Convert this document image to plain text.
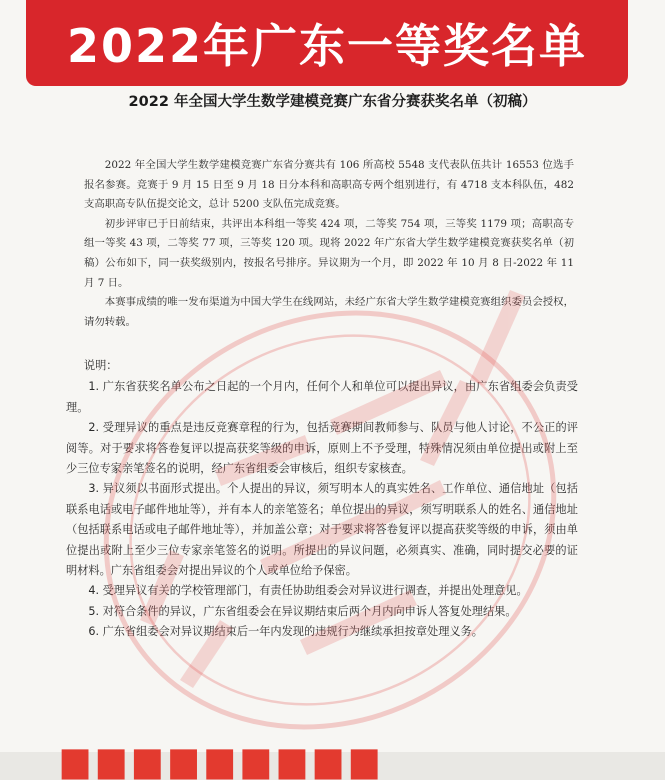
2022年广东一等奖名单
2022 年全国大学生数学建模竞赛广东省分赛获奖名单（初稿）

2022 年全国大学生数学建模竞赛广东省分赛共有 106 所高校 5548 支代表队伍共计 16553 位选手报名参赛。竞赛于 9 月 15 日至 9 月 18 日分本科和高职高专两个组别进行，有 4718 支本科队伍，482 支高职高专队伍提交论文，总计 5200 支队伍完成竞赛。

初步评审已于日前结束，共评出本科组一等奖 424 项，二等奖 754 项，三等奖 1179 项；高职高专组一等奖 43 项，二等奖 77 项，三等奖 120 项。现将 2022 年广东省大学生数学建模竞赛获奖名单（初稿）公布如下，同一获奖级别内，按报名号排序。异议期为一个月，即 2022 年 10 月 8 日-2022 年 11 月 7 日。

本赛事成绩的唯一发布渠道为中国大学生在线网站，未经广东省大学生数学建模竞赛组织委员会授权，请勿转载。

说明：

1. 广东省获奖名单公布之日起的一个月内，任何个人和单位可以提出异议，由广东省组委会负责受理。

2. 受理异议的重点是违反竞赛章程的行为，包括竞赛期间教师参与、队员与他人讨论，不公正的评阅等。对于要求将答卷复评以提高获奖等级的申诉，原则上不予受理，特殊情况须由单位提出或附上至少三位专家亲笔签名的说明，经广东省组委会审核后，组织专家核查。

3. 异议须以书面形式提出。个人提出的异议，须写明本人的真实姓名、工作单位、通信地址（包括联系电话或电子邮件地址等），并有本人的亲笔签名；单位提出的异议，须写明联系人的姓名、通信地址（包括联系电话或电子邮件地址等），并加盖公章；对于要求将答卷复评以提高获奖等级的申诉，须由单位提出或附上至少三位专家亲笔签名的说明。所提出的异议问题，必须真实、准确，同时提交必要的证明材料。广东省组委会对提出异议的个人或单位给予保密。

4. 受理异议有关的学校管理部门，有责任协助组委会对异议进行调查，并提出处理意见。

5. 对符合条件的异议，广东省组委会在异议期结束后两个月内向申诉人答复处理结果。

6. 广东省组委会对异议期结束后一年内发现的违规行为继续承担按章处理义务。

▆▆▆▆▆▆▆▆▆
